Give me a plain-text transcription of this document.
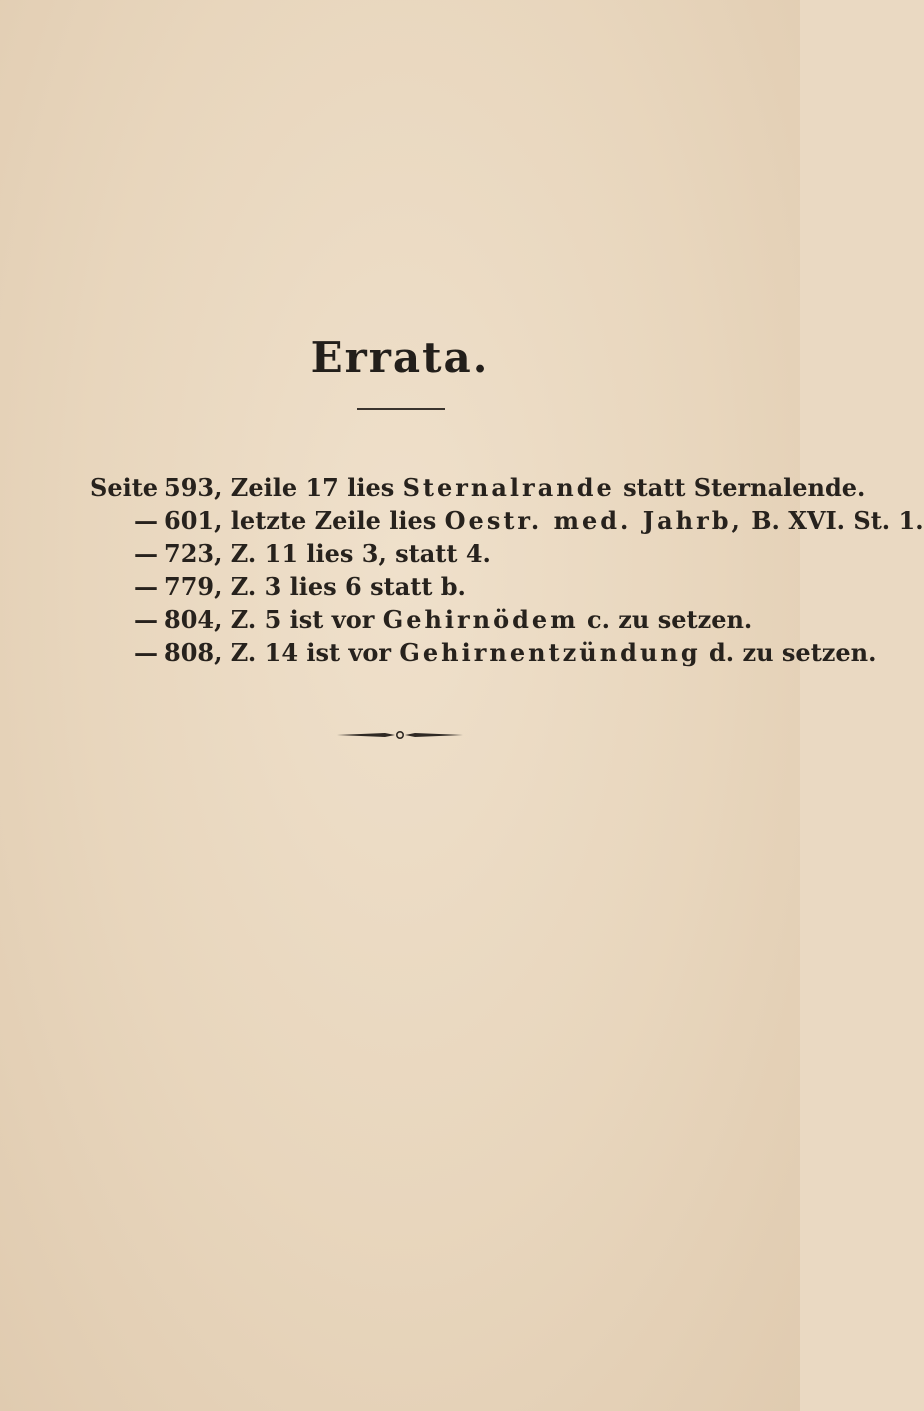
Errata.
Seite 593, Zeile 17 lies Sternalrande statt Sternalende.
— 601, letzte Zeile lies Oestr. med. Jahrb, B. XVI. St. 1.
— 723, Z. 11 lies 3, statt 4.
— 779, Z. 3 lies 6 statt b.
— 804, Z. 5 ist vor Gehirnödem c. zu setzen.
— 808, Z. 14 ist vor Gehirnentzündung d. zu setzen.
